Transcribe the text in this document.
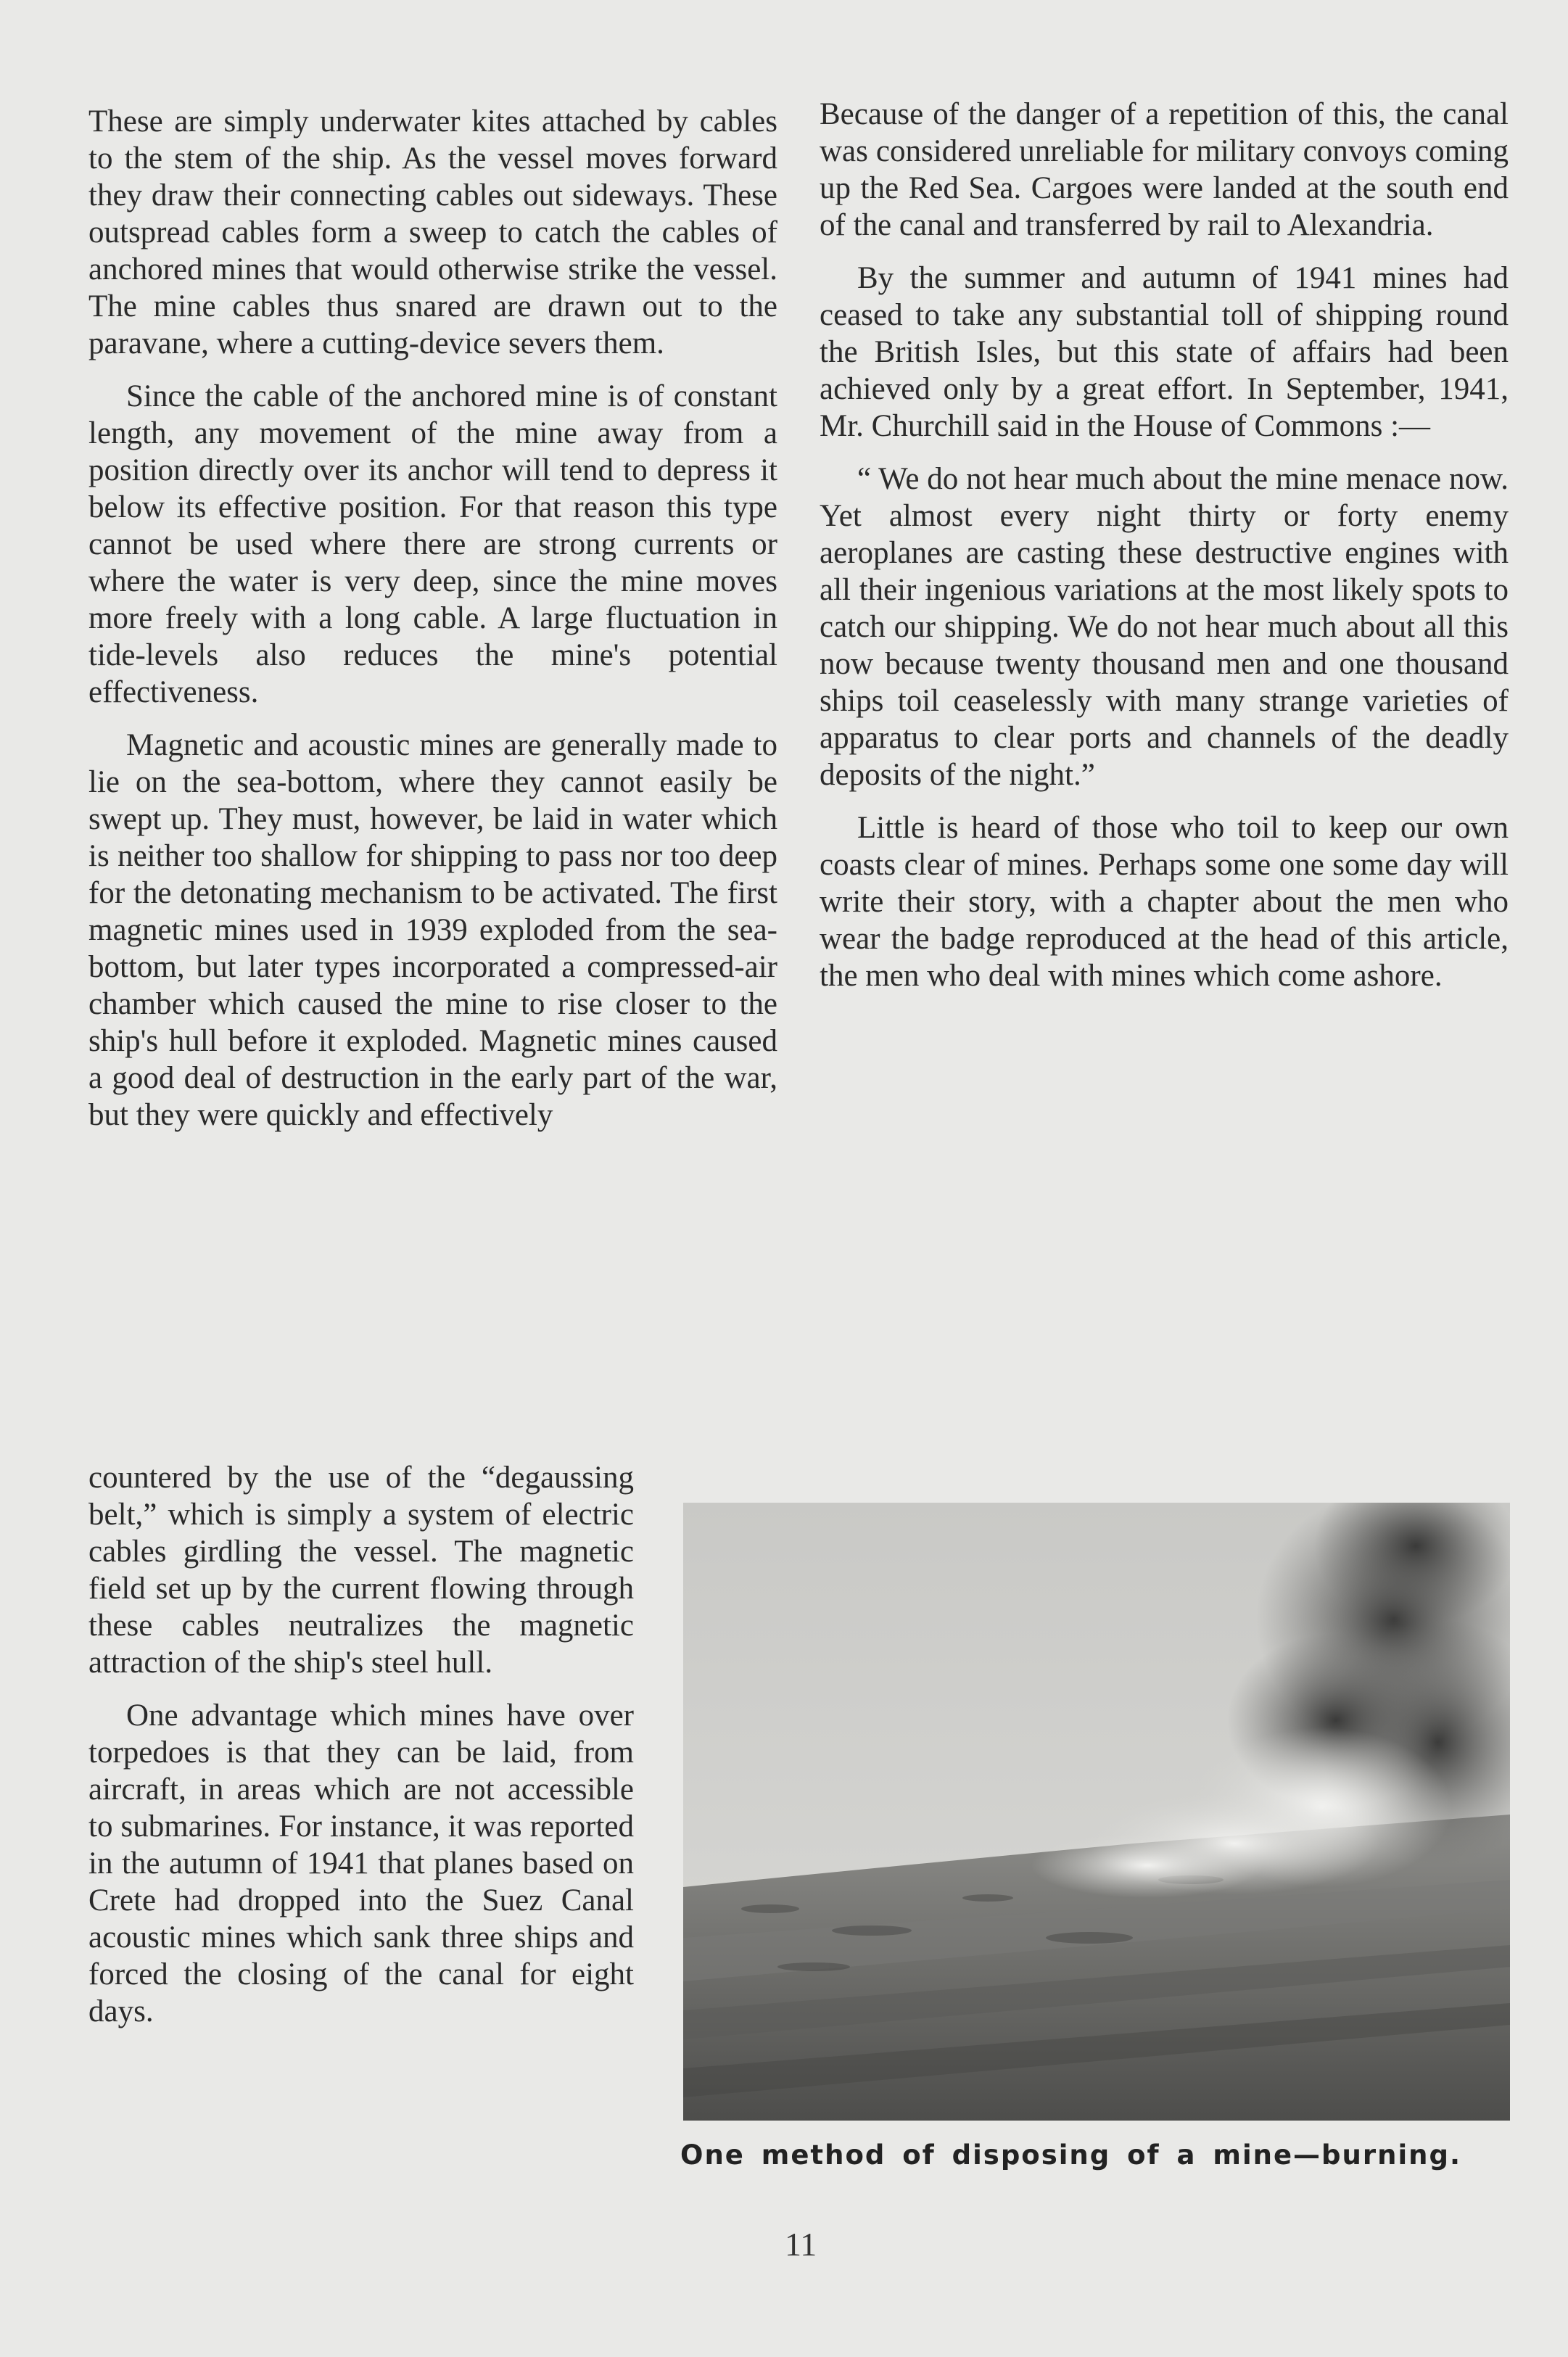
These are simply underwater kites attached by cables to the stem of the ship. As the vessel moves forward they draw their connecting cables out sideways. These outspread cables form a sweep to catch the cables of anchored mines that would otherwise strike the vessel. The mine cables thus snared are drawn out to the paravane, where a cutting-device severs them.

Since the cable of the anchored mine is of constant length, any movement of the mine away from a position directly over its anchor will tend to depress it below its effective position. For that reason this type cannot be used where there are strong currents or where the water is very deep, since the mine moves more freely with a long cable. A large fluctuation in tide-levels also reduces the mine's potential effectiveness.

Magnetic and acoustic mines are generally made to lie on the sea-bottom, where they cannot easily be swept up. They must, however, be laid in water which is neither too shallow for shipping to pass nor too deep for the detonating mechanism to be activated. The first magnetic mines used in 1939 exploded from the sea-bottom, but later types incorporated a compressed-air chamber which caused the mine to rise closer to the ship's hull before it exploded. Magnetic mines caused a good deal of destruction in the early part of the war, but they were quickly and effectively

countered by the use of the “degaussing belt,” which is simply a system of electric cables girdling the vessel. The magnetic field set up by the current flowing through these cables neutralizes the magnetic attraction of the ship's steel hull.

One advantage which mines have over torpedoes is that they can be laid, from aircraft, in areas which are not accessible to submarines. For instance, it was reported in the autumn of 1941 that planes based on Crete had dropped into the Suez Canal acoustic mines which sank three ships and forced the closing of the canal for eight days.

Because of the danger of a repetition of this, the canal was considered unreliable for military convoys coming up the Red Sea. Cargoes were landed at the south end of the canal and transferred by rail to Alexandria.

By the summer and autumn of 1941 mines had ceased to take any substantial toll of shipping round the British Isles, but this state of affairs had been achieved only by a great effort. In September, 1941, Mr. Churchill said in the House of Commons :—

“ We do not hear much about the mine menace now. Yet almost every night thirty or forty enemy aeroplanes are casting these destructive engines with all their ingenious variations at the most likely spots to catch our shipping. We do not hear much about all this now because twenty thousand men and one thousand ships toil ceaselessly with many strange varieties of apparatus to clear ports and channels of the deadly deposits of the night.”

Little is heard of those who toil to keep our own coasts clear of mines. Perhaps some one some day will write their story, with a chapter about the men who wear the badge reproduced at the head of this article, the men who deal with mines which come ashore.

One method of disposing of a mine—burning.
11
